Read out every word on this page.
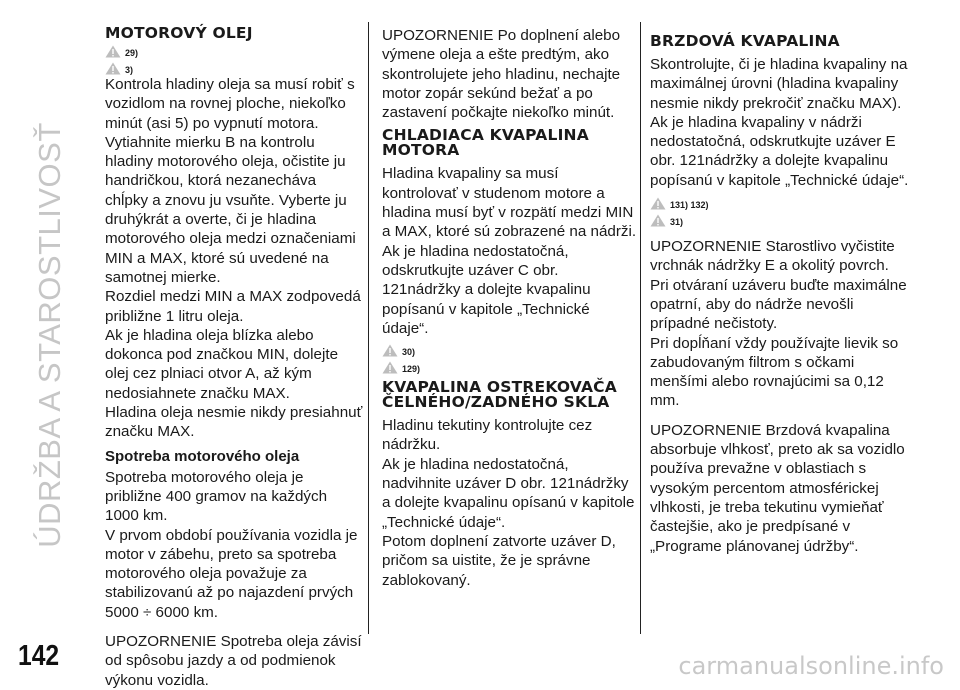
ÚDRŽBA A STAROSTLIVOSŤ
142
MOTOROVÝ OLEJ
29)
3)

Kontrola hladiny oleja sa musí robiť s vozidlom na rovnej ploche, niekoľko minút (asi 5) po vypnutí motora.

Vytiahnite mierku B na kontrolu hladiny motorového oleja, očistite ju handričkou, ktorá nezanecháva chĺpky a znovu ju vsuňte. Vyberte ju druhýkrát a overte, či je hladina motorového oleja medzi označeniami MIN a MAX, ktoré sú uvedené na samotnej mierke.

Rozdiel medzi MIN a MAX zodpovedá približne 1 litru oleja.

Ak je hladina oleja blízka alebo dokonca pod značkou MIN, dolejte olej cez plniaci otvor A, až kým nedosiahnete značku MAX.

Hladina oleja nesmie nikdy presiahnuť značku MAX.

Spotreba motorového oleja

Spotreba motorového oleja je približne 400 gramov na každých 1000 km.

V prvom období používania vozidla je motor v zábehu, preto sa spotreba motorového oleja považuje za stabilizovanú až po najazdení prvých 5000 ÷ 6000 km.

UPOZORNENIE Spotreba oleja závisí od spôsobu jazdy a od podmienok výkonu vozidla.

UPOZORNENIE Po doplnení alebo výmene oleja a ešte predtým, ako skontrolujete jeho hladinu, nechajte motor zopár sekúnd bežať a po zastavení počkajte niekoľko minút.

CHLADIACA KVAPALINA MOTORA

Hladina kvapaliny sa musí kontrolovať v studenom motore a hladina musí byť v rozpätí medzi MIN a MAX, ktoré sú zobrazené na nádrži.

Ak je hladina nedostatočná, odskrutkujte uzáver C obr. 121nádržky a dolejte kvapalinu popísanú v kapitole „Technické údaje“.

30)
129)
KVAPALINA OSTREKOVAČA ČELNÉHO/ZADNÉHO SKLA

Hladinu tekutiny kontrolujte cez nádržku.

Ak je hladina nedostatočná, nadvihnite uzáver D obr. 121nádržky a dolejte kvapalinu opísanú v kapitole „Technické údaje“.

Potom doplnení zatvorte uzáver D, pričom sa uistite, že je správne zablokovaný.

BRZDOVÁ KVAPALINA

Skontrolujte, či je hladina kvapaliny na maximálnej úrovni (hladina kvapaliny nesmie nikdy prekročiť značku MAX).

Ak je hladina kvapaliny v nádrži nedostatočná, odskrutkujte uzáver E obr. 121nádržky a dolejte kvapalinu popísanú v kapitole „Technické údaje“.

131) 132)
31)

UPOZORNENIE Starostlivo vyčistite vrchnák nádržky E a okolitý povrch.

Pri otváraní uzáveru buďte maximálne opatrní, aby do nádrže nevošli prípadné nečistoty.

Pri dopĺňaní vždy používajte lievik so zabudovaným filtrom s očkami menšími alebo rovnajúcimi sa 0,12 mm.

UPOZORNENIE Brzdová kvapalina absorbuje vlhkosť, preto ak sa vozidlo používa prevažne v oblastiach s vysokým percentom atmosférickej vlhkosti, je treba tekutinu vymieňať častejšie, ako je predpísané v „Programe plánovanej údržby“.

carmanualsonline.info
